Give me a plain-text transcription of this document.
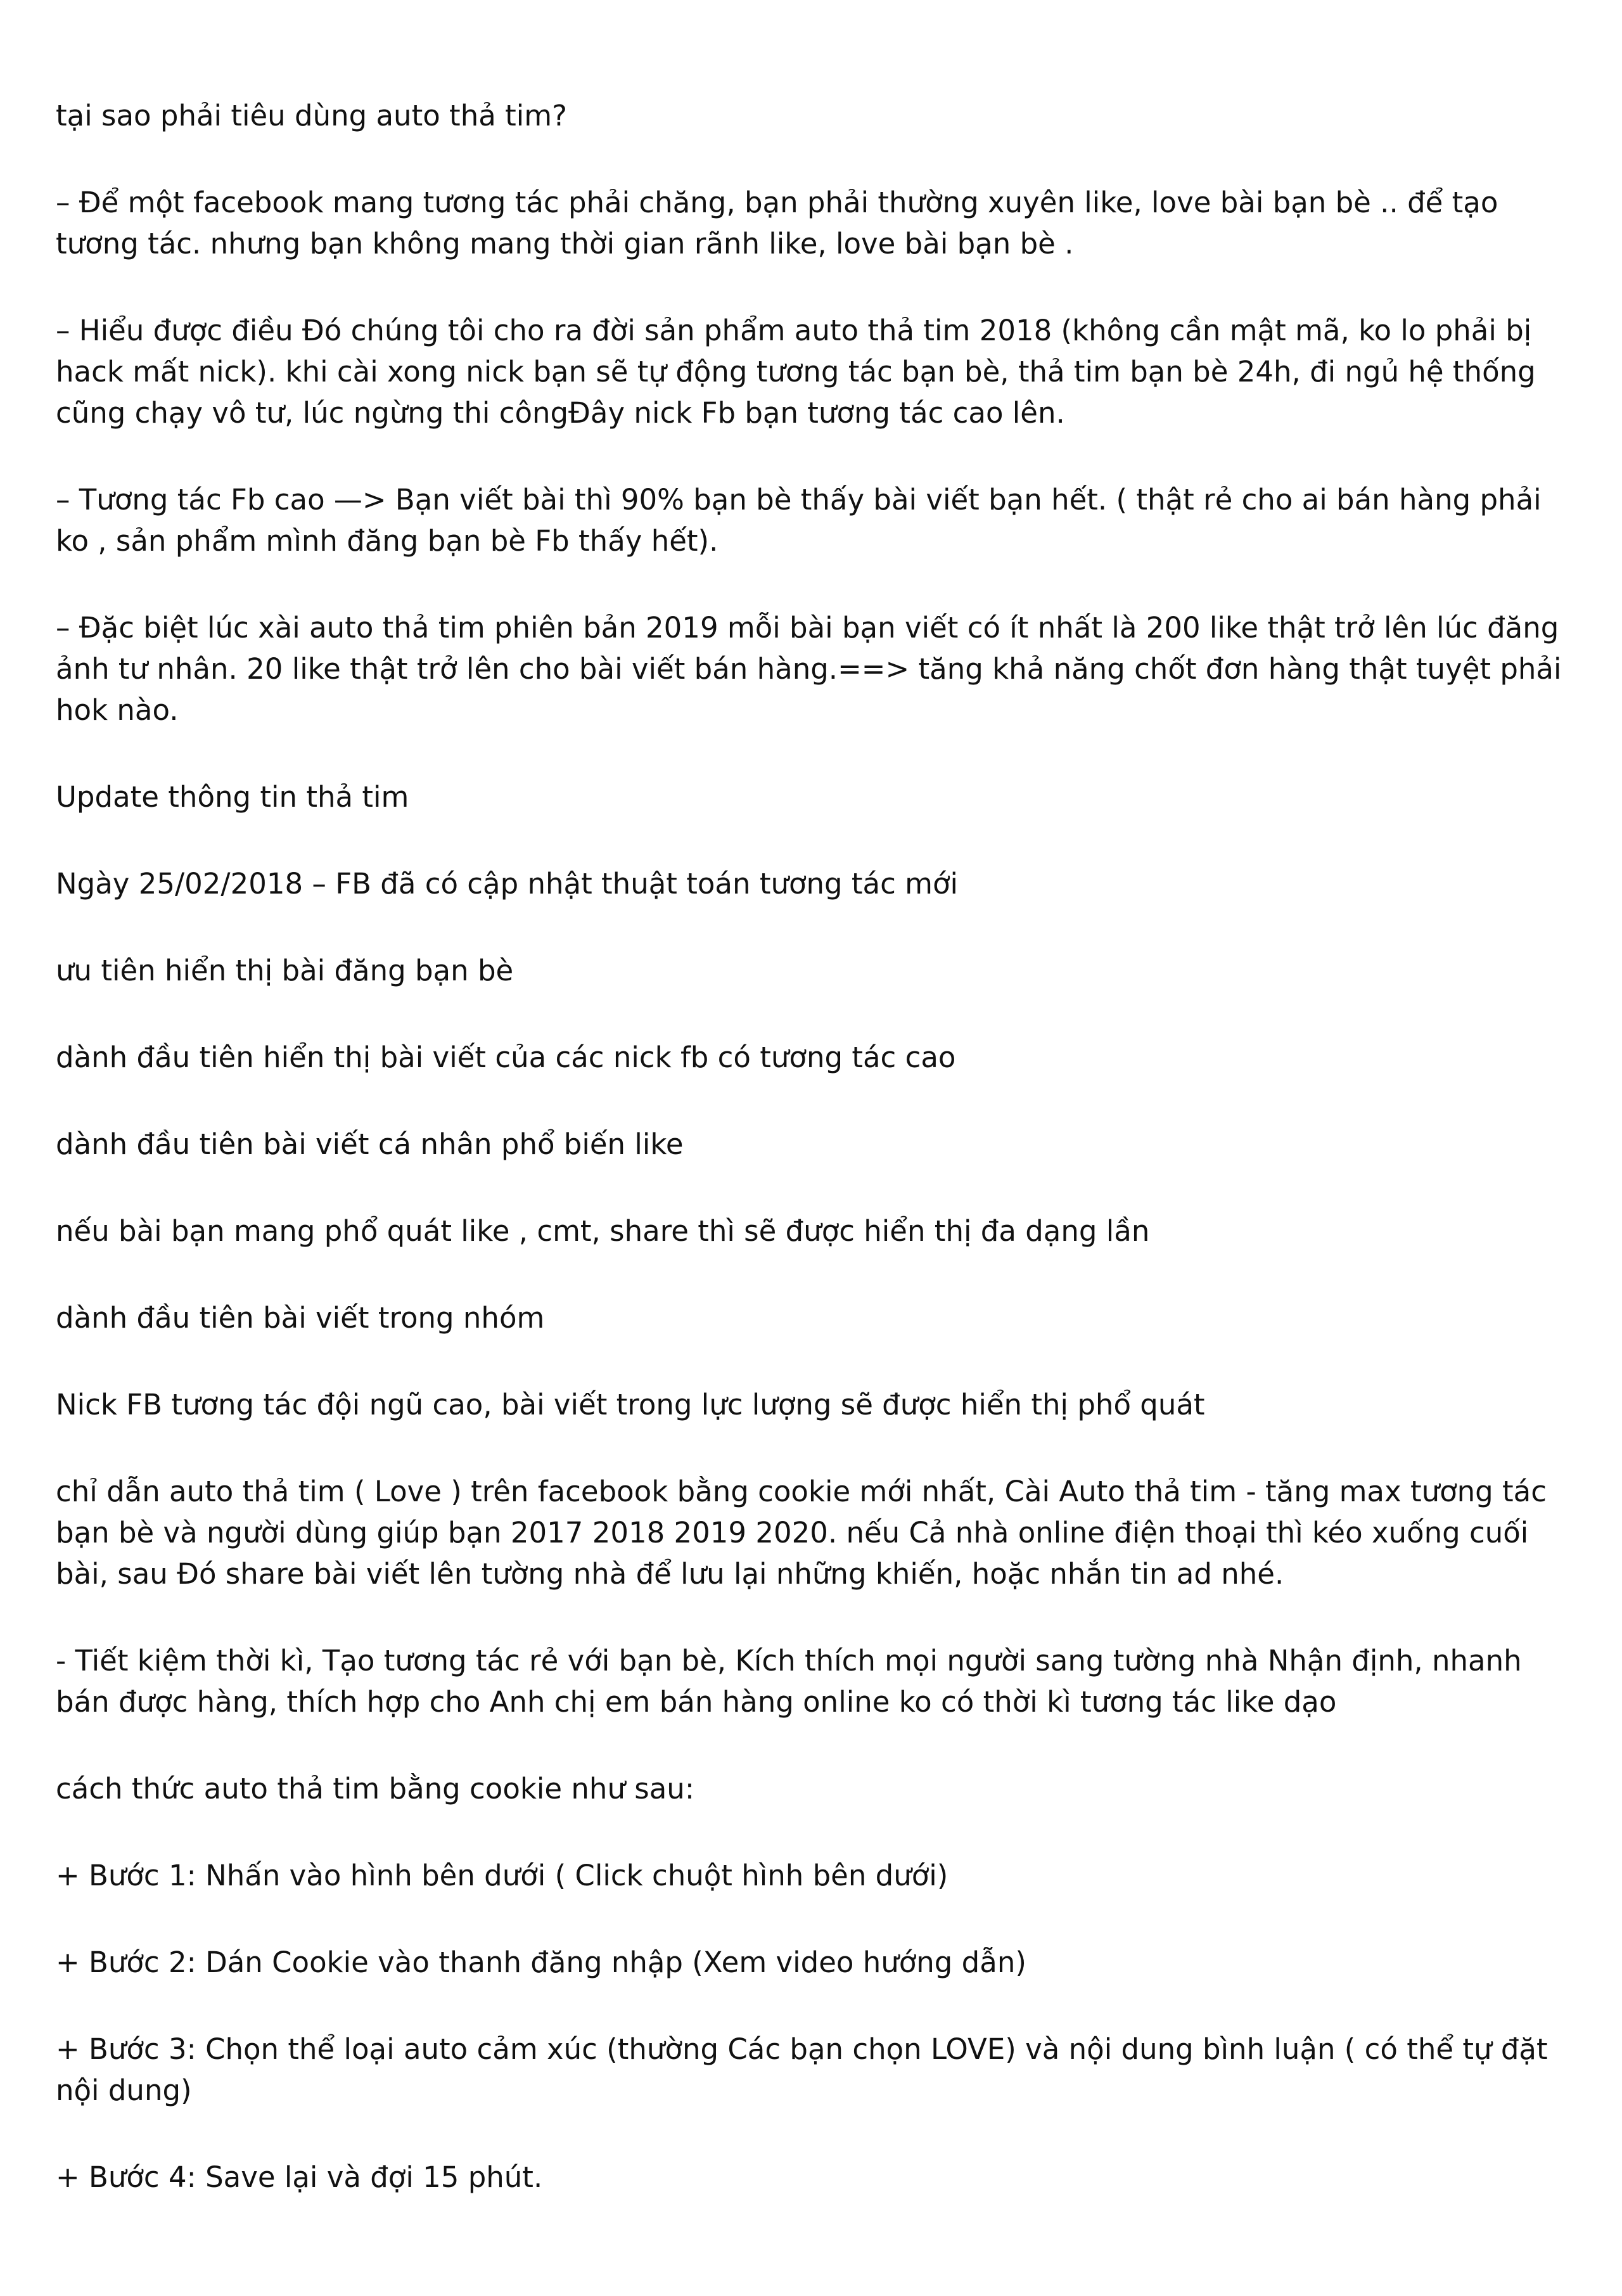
tại sao phải tiêu dùng auto thả tim?

– Để một facebook mang tương tác phải chăng, bạn phải thường xuyên like, love bài bạn bè .. để tạo tương tác. nhưng bạn không mang thời gian rãnh like, love bài bạn bè .

– Hiểu được điều Đó chúng tôi cho ra đời sản phẩm auto thả tim 2018 (không cần mật mã, ko lo phải bị hack mất nick). khi cài xong nick bạn sẽ tự động tương tác bạn bè, thả tim bạn bè 24h, đi ngủ hệ thống cũng chạy vô tư, lúc ngừng thi côngĐây nick Fb bạn tương tác cao lên.

– Tương tác Fb cao —> Bạn viết bài thì 90% bạn bè thấy bài viết bạn hết. ( thật rẻ cho ai bán hàng phải ko , sản phẩm mình đăng bạn bè Fb thấy hết).

– Đặc biệt lúc xài auto thả tim phiên bản 2019 mỗi bài bạn viết có ít nhất là 200 like thật trở lên lúc đăng ảnh tư nhân. 20 like thật trở lên cho bài viết bán hàng.==> tăng khả năng chốt đơn hàng thật tuyệt phải hok nào.

Update thông tin thả tim

Ngày 25/02/2018 – FB đã có cập nhật thuật toán tương tác mới

ưu tiên hiển thị bài đăng bạn bè

dành đầu tiên hiển thị bài viết của các nick fb có tương tác cao

dành đầu tiên bài viết cá nhân phổ biến like

nếu bài bạn mang phổ quát like , cmt, share thì sẽ được hiển thị đa dạng lần

dành đầu tiên bài viết trong nhóm

Nick FB tương tác đội ngũ cao, bài viết trong lực lượng sẽ được hiển thị phổ quát

chỉ dẫn auto thả tim ( Love ) trên facebook bằng cookie mới nhất, Cài Auto thả tim - tăng max tương tác bạn bè và người dùng giúp bạn 2017 2018 2019 2020. nếu Cả nhà online điện thoại thì kéo xuống cuối bài, sau Đó share bài viết lên tường nhà để lưu lại những khiến, hoặc nhắn tin ad nhé.

- Tiết kiệm thời kì, Tạo tương tác rẻ với bạn bè, Kích thích mọi người sang tường nhà Nhận định, nhanh bán được hàng, thích hợp cho Anh chị em bán hàng online ko có thời kì tương tác like dạo

cách thức auto thả tim bằng cookie như sau:

+ Bước 1: Nhấn vào hình bên dưới ( Click chuột hình bên dưới)

+ Bước 2: Dán Cookie vào thanh đăng nhập (Xem video hướng dẫn)

+ Bước 3: Chọn thể loại auto cảm xúc (thường Các bạn chọn LOVE) và nội dung bình luận ( có thể tự đặt nội dung)

+ Bước 4: Save lại và đợi 15 phút.
